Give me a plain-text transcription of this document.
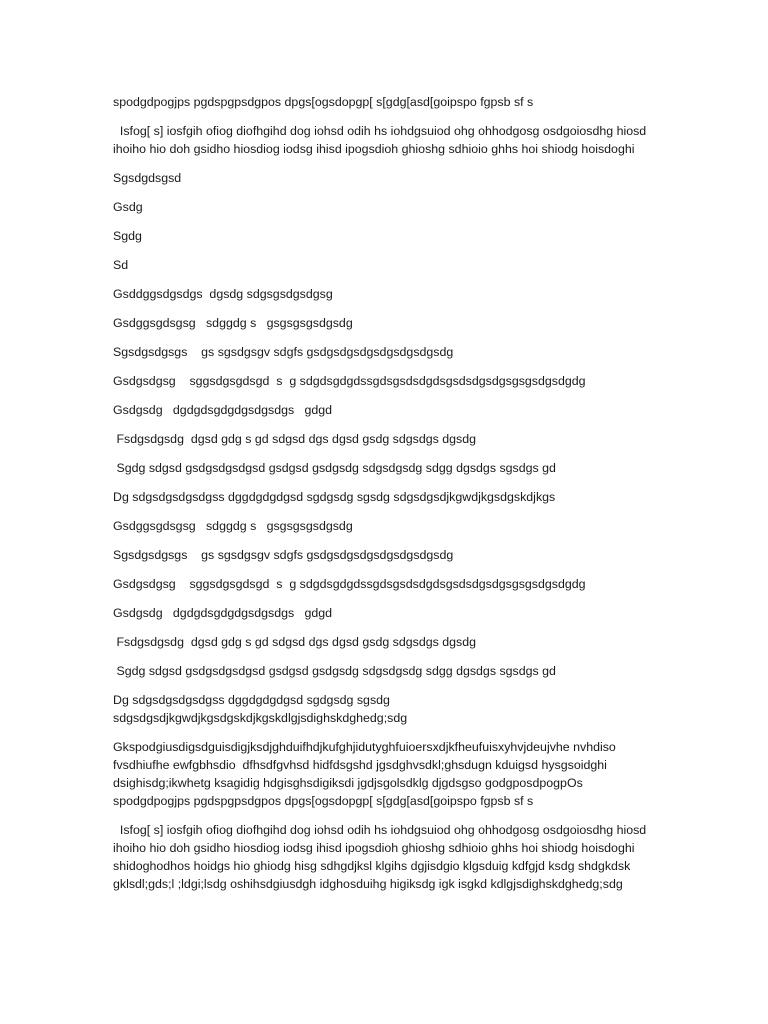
spodgdpogjps pgdspgpsdgpos dpgs[ogsdopgp[ s[gdg[asd[goipspo fgpsb sf s

Isfog[ s] iosfgih ofiog diofhgihd dog iohsd odih hs iohdgsuiod ohg ohhodgosg osdgoiosdhg hiosd ihoiho hio doh gsidho hiosdiog iodsg ihisd ipogsdioh ghioshg sdhioio ghhs hoi shiodg hoisdoghi

Sgsdgdsgsd

Gsdg

Sgdg

Sd

Gsddggsdgsdgs  dgsdg sdgsgsdgsdgsg

Gsdggsgdsgsg   sdggdg s   gsgsgsgsdgsdg

Sgsdgsdgsgs    gs sgsdgsgv sdgfs gsdgsdgsdgsdgsdgsdgsdg

Gsdgsdgsg    sggsdgsgdsgd  s  g sdgdsgdgdssgdsgsdsdgdsgsdsdgsdgsgsgsdgsdgdg

Gsdgsdg   dgdgdsgdgdgsdgsdgs   gdgd

Fsdgsdgsdg  dgsd gdg s gd sdgsd dgs dgsd gsdg sdgsdgs dgsdg

Sgdg sdgsd gsdgsdgsdgsd gsdgsd gsdgsdg sdgsdgsdg sdgg dgsdgs sgsdgs gd

Dg sdgsdgsdgsdgss dggdgdgdgsd sgdgsdg sgsdg sdgsdgsdjkgwdjkgsdgskdjkgs

Gsdggsgdsgsg   sdggdg s   gsgsgsgsdgsdg

Sgsdgsdgsgs    gs sgsdgsgv sdgfs gsdgsdgsdgsdgsdgsdgsdg

Gsdgsdgsg    sggsdgsgdsgd  s  g sdgdsgdgdssgdsgsdsdgdsgsdsdgsdgsgsgsdgsdgdg

Gsdgsdg   dgdgdsgdgdgsdgsdgs   gdgd

Fsdgsdgsdg  dgsd gdg s gd sdgsd dgs dgsd gsdg sdgsdgs dgsdg

Sgdg sdgsd gsdgsdgsdgsd gsdgsd gsdgsdg sdgsdgsdg sdgg dgsdgs sgsdgs gd

Dg sdgsdgsdgsdgss dggdgdgdgsd sgdgsdg sgsdg
sdgsdgsdjkgwdjkgsdgskdjkgskdlgjsdighskdghedg;sdg

Gkspodgiusdigsdguisdigjksdjghduifhdjkufghjidutyghfuioersxdjkfheufuisxyhvjdeujvhe nvhdiso fvsdhiufhe ewfgbhsdio  dfhsdfgvhsd hidfdsgshd jgsdghvsdkl;ghsdugn kduigsd hysgsoidghi dsighisdg;ikwhetg ksagidig hdgisghsdigiksdi jgdjsgolsdklg djgdsgso godgposdpogpOs
spodgdpogjps pgdspgpsdgpos dpgs[ogsdopgp[ s[gdg[asd[goipspo fgpsb sf s

Isfog[ s] iosfgih ofiog diofhgihd dog iohsd odih hs iohdgsuiod ohg ohhodgosg osdgoiosdhg hiosd ihoiho hio doh gsidho hiosdiog iodsg ihisd ipogsdioh ghioshg sdhioio ghhs hoi shiodg hoisdoghi shidoghodhos hoidgs hio ghiodg hisg sdhgdjksl klgihs dgjisdgio klgsduig kdfgjd ksdg shdgkdsk gklsdl;gds;l ;ldgi;lsdg oshihsdgiusdgh idghosduihg higiksdg igk isgkd kdlgjsdighskdghedg;sdg
